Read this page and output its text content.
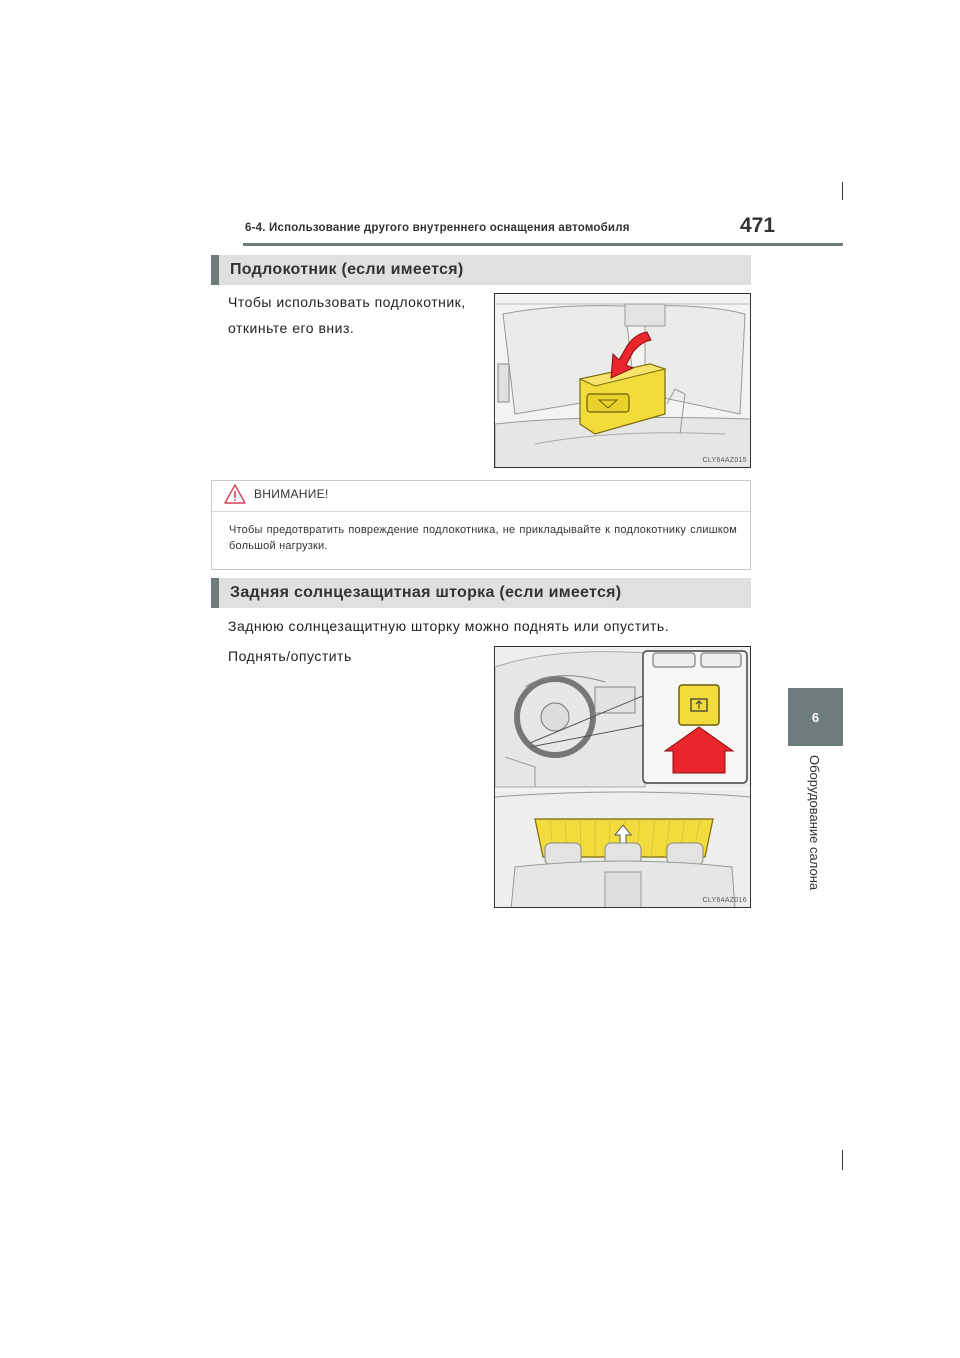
6-4. Использование другого внутреннего оснащения автомобиля	471
6
Оборудование салона
Подлокотник (если имеется)
Чтобы использовать подлокотник, откиньте его вниз.
CLY64AZ015
ВНИМАНИЕ!
Чтобы предотвратить повреждение подлокотника, не прикладывайте к подлокотнику слишком большой нагрузки.
Задняя солнцезащитная шторка (если имеется)
Заднюю солнцезащитную шторку можно поднять или опустить.
Поднять/опустить
CLY64AZ016
